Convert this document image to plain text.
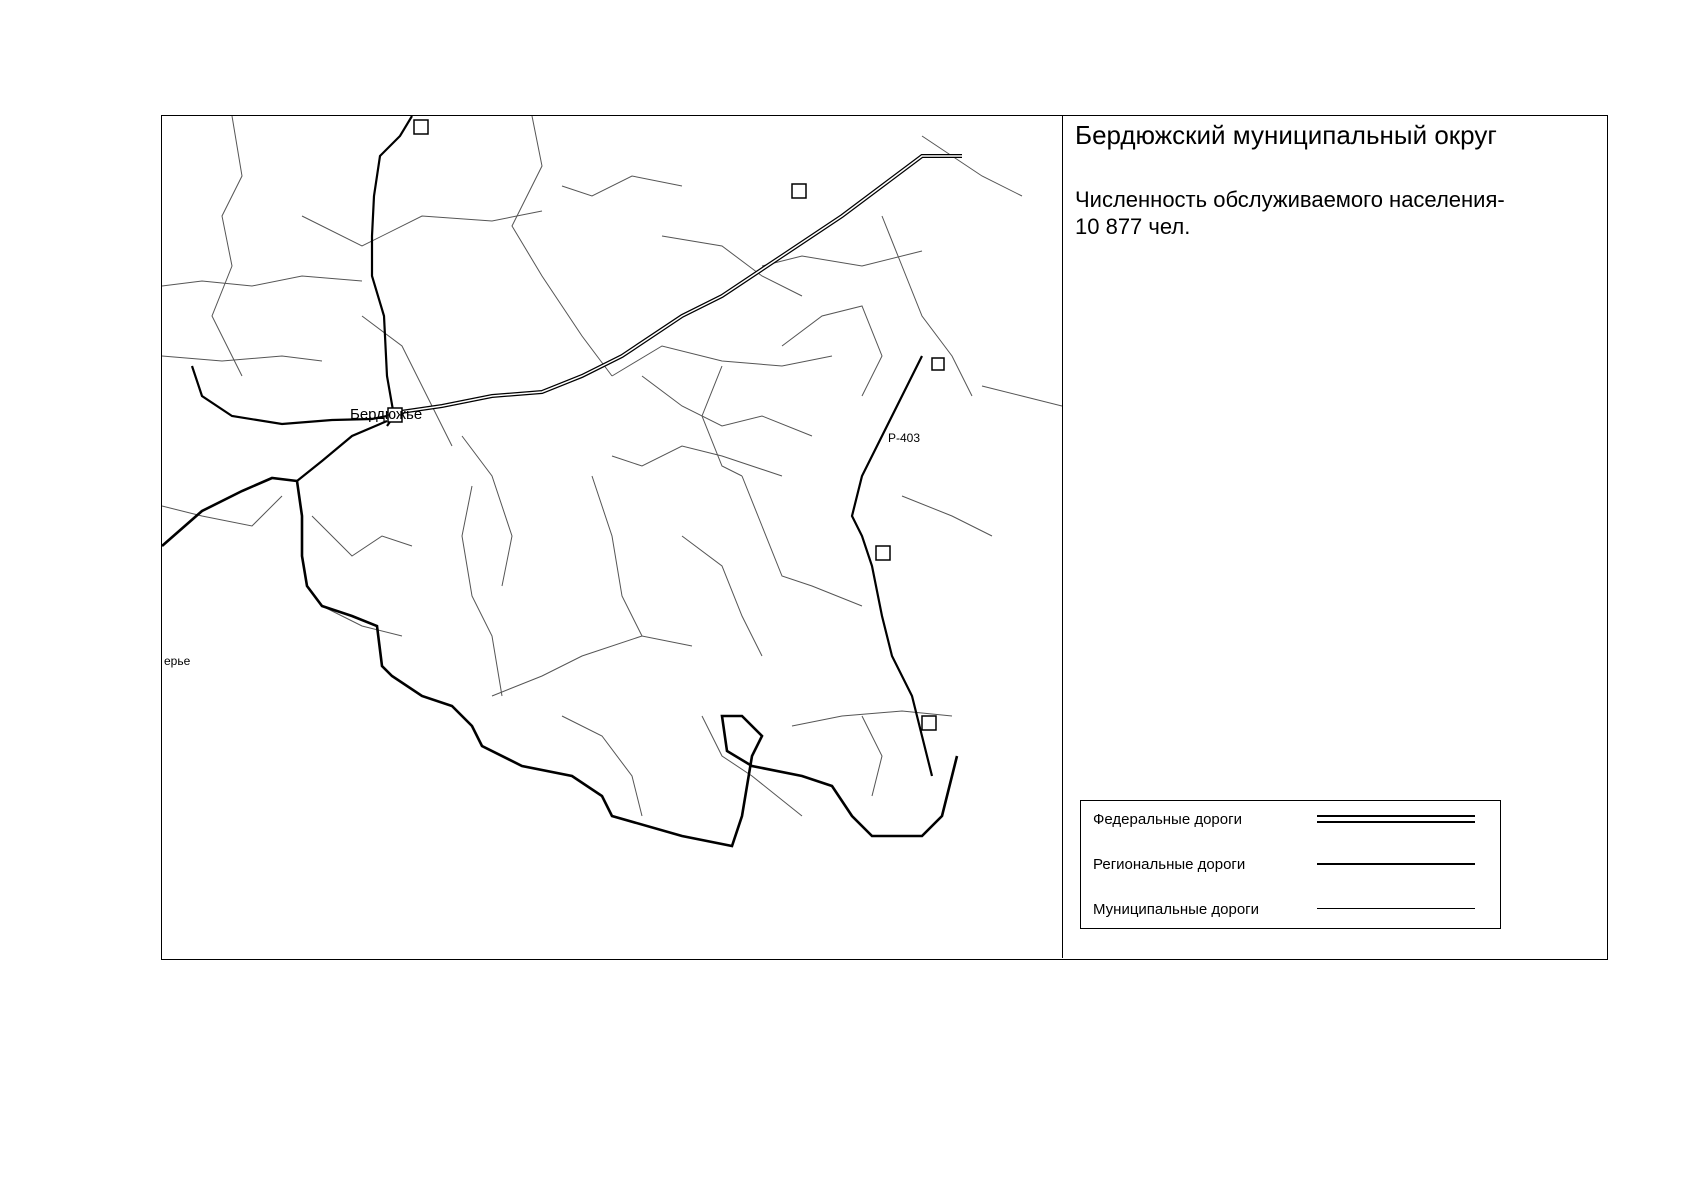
Бердюжье
Р-403
ерье
Бердюжский муниципальный округ
Численность обслуживаемого населения-
10 877 чел.
Федеральные дороги
Региональные дороги
Муниципальные дороги
